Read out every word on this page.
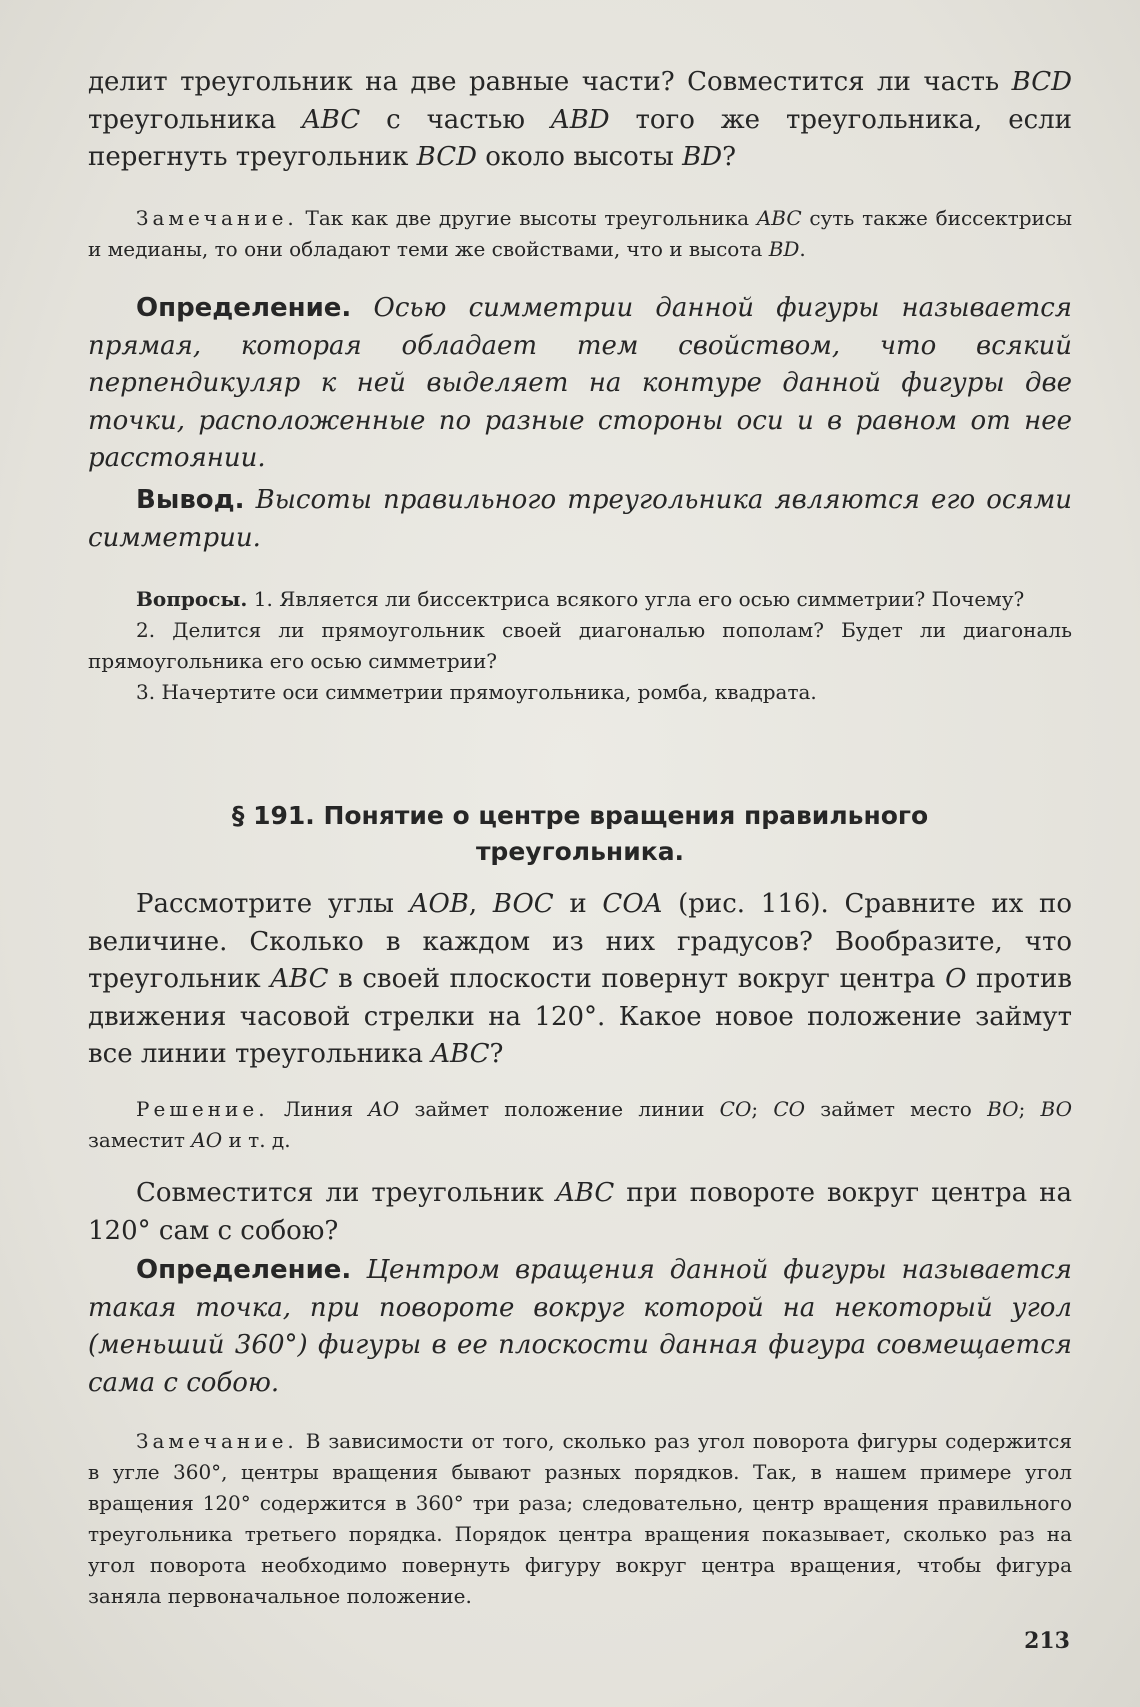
делит треугольник на две равные части? Совместится ли часть BCD треугольника ABC с частью ABD того же треугольника, если перегнуть треугольник BCD около высоты BD?

Замечание. Так как две другие высоты треугольника ABC суть также биссектрисы и медианы, то они обладают теми же свойствами, что и высота BD.

Определение. Осью симметрии данной фигуры называется прямая, которая обладает тем свойством, что всякий перпендикуляр к ней выделяет на контуре данной фигуры две точки, расположенные по разные стороны оси и в равном от нее расстоянии.

Вывод. Высоты правильного треугольника являются его осями симметрии.

Вопросы. 1. Является ли биссектриса всякого угла его осью симметрии? Почему?

2. Делится ли прямоугольник своей диагональю пополам? Будет ли диагональ прямоугольника его осью симметрии?

3. Начертите оси симметрии прямоугольника, ромба, квадрата.

§ 191. Понятие о центре вращения правильного

треугольника.

Рассмотрите углы AOB, BOC и COA (рис. 116). Сравните их по величине. Сколько в каждом из них градусов? Вообразите, что треугольник ABC в своей плоскости повернут вокруг центра O против движения часовой стрелки на 120°. Какое новое положение займут все линии треугольника ABC?

Решение. Линия AO займет положение линии CO; CO займет место BO; BO заместит AO и т. д.

Совместится ли треугольник ABC при повороте вокруг центра на 120° сам с собою?

Определение. Центром вращения данной фигуры называется такая точка, при повороте вокруг которой на некоторый угол (меньший 360°) фигуры в ее плоскости данная фигура совмещается сама с собою.

Замечание. В зависимости от того, сколько раз угол поворота фигуры содержится в угле 360°, центры вращения бывают разных порядков. Так, в нашем примере угол вращения 120° содержится в 360° три раза; следовательно, центр вращения правильного треугольника третьего порядка. Порядок центра вращения показывает, сколько раз на угол поворота необходимо повернуть фигуру вокруг центра вращения, чтобы фигура заняла первоначальное положение.

213
